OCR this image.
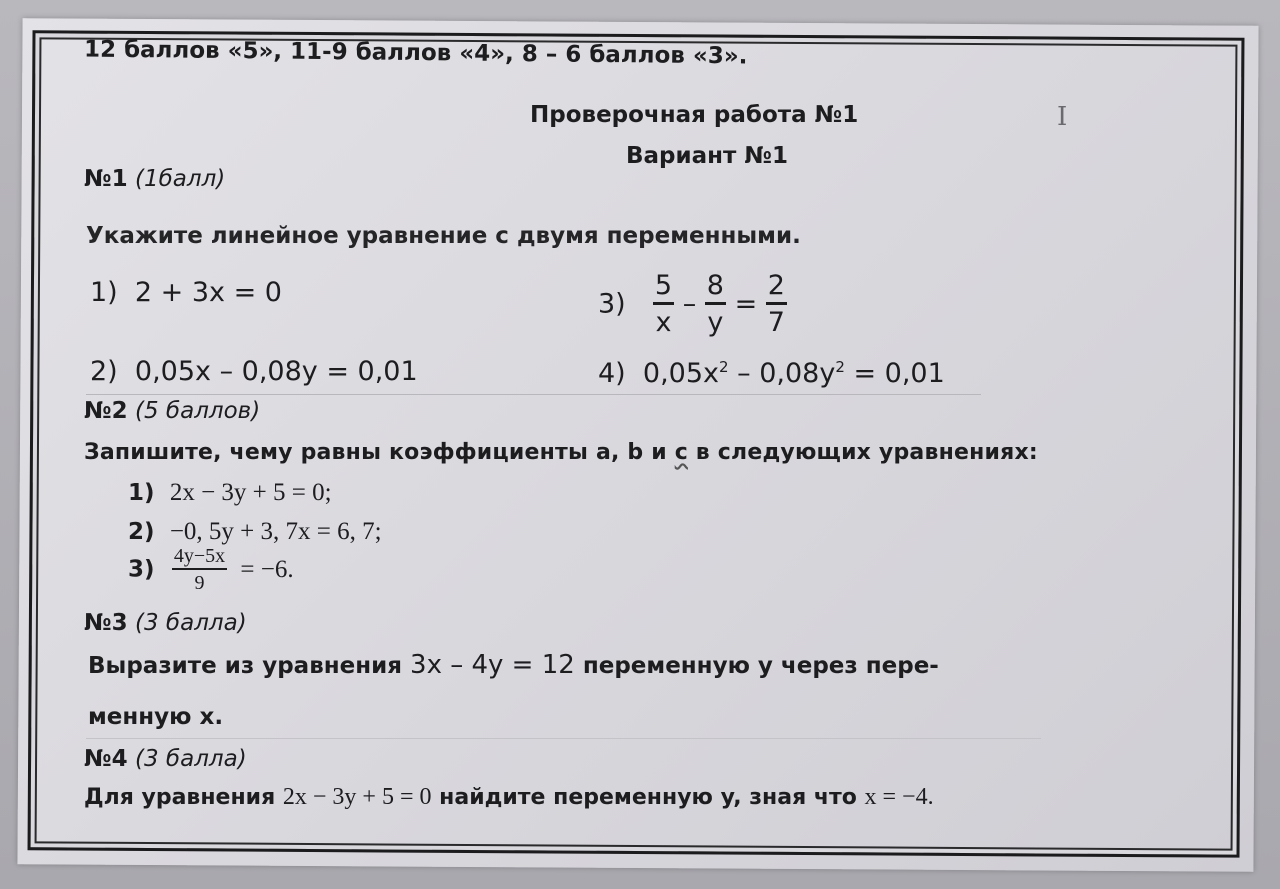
I
12 баллов «5», 11-9 баллов «4», 8 – 6 баллов «3».
Проверочная работа №1
Вариант №1
№1 (1балл)
Укажите линейное уравнение с двумя переменными.
1) 2 + 3x = 0	$3) \frac{5}{x} - \frac{8}{y} = \frac{2}{7}$
2) 0,05x – 0,08y = 0,01	4) $0,05x^2 - 0,08y^2 = 0,01$
№2 (5 баллов)
Запишите, чему равны коэффициенты a, b и с в следующих уравнениях:
1) 2x − 3y + 5 = 0;
2) −0, 5y + 3, 7x = 6, 7;
$3) \frac{4y-5x}{9} = -6$.
№3 (3 балла)
Выразите из уравнения 3x – 4y = 12 переменную y через пере-
менную x.
№4 (3 балла)
Для уравнения 2x − 3y + 5 = 0 найдите переменную y, зная что x = −4.
